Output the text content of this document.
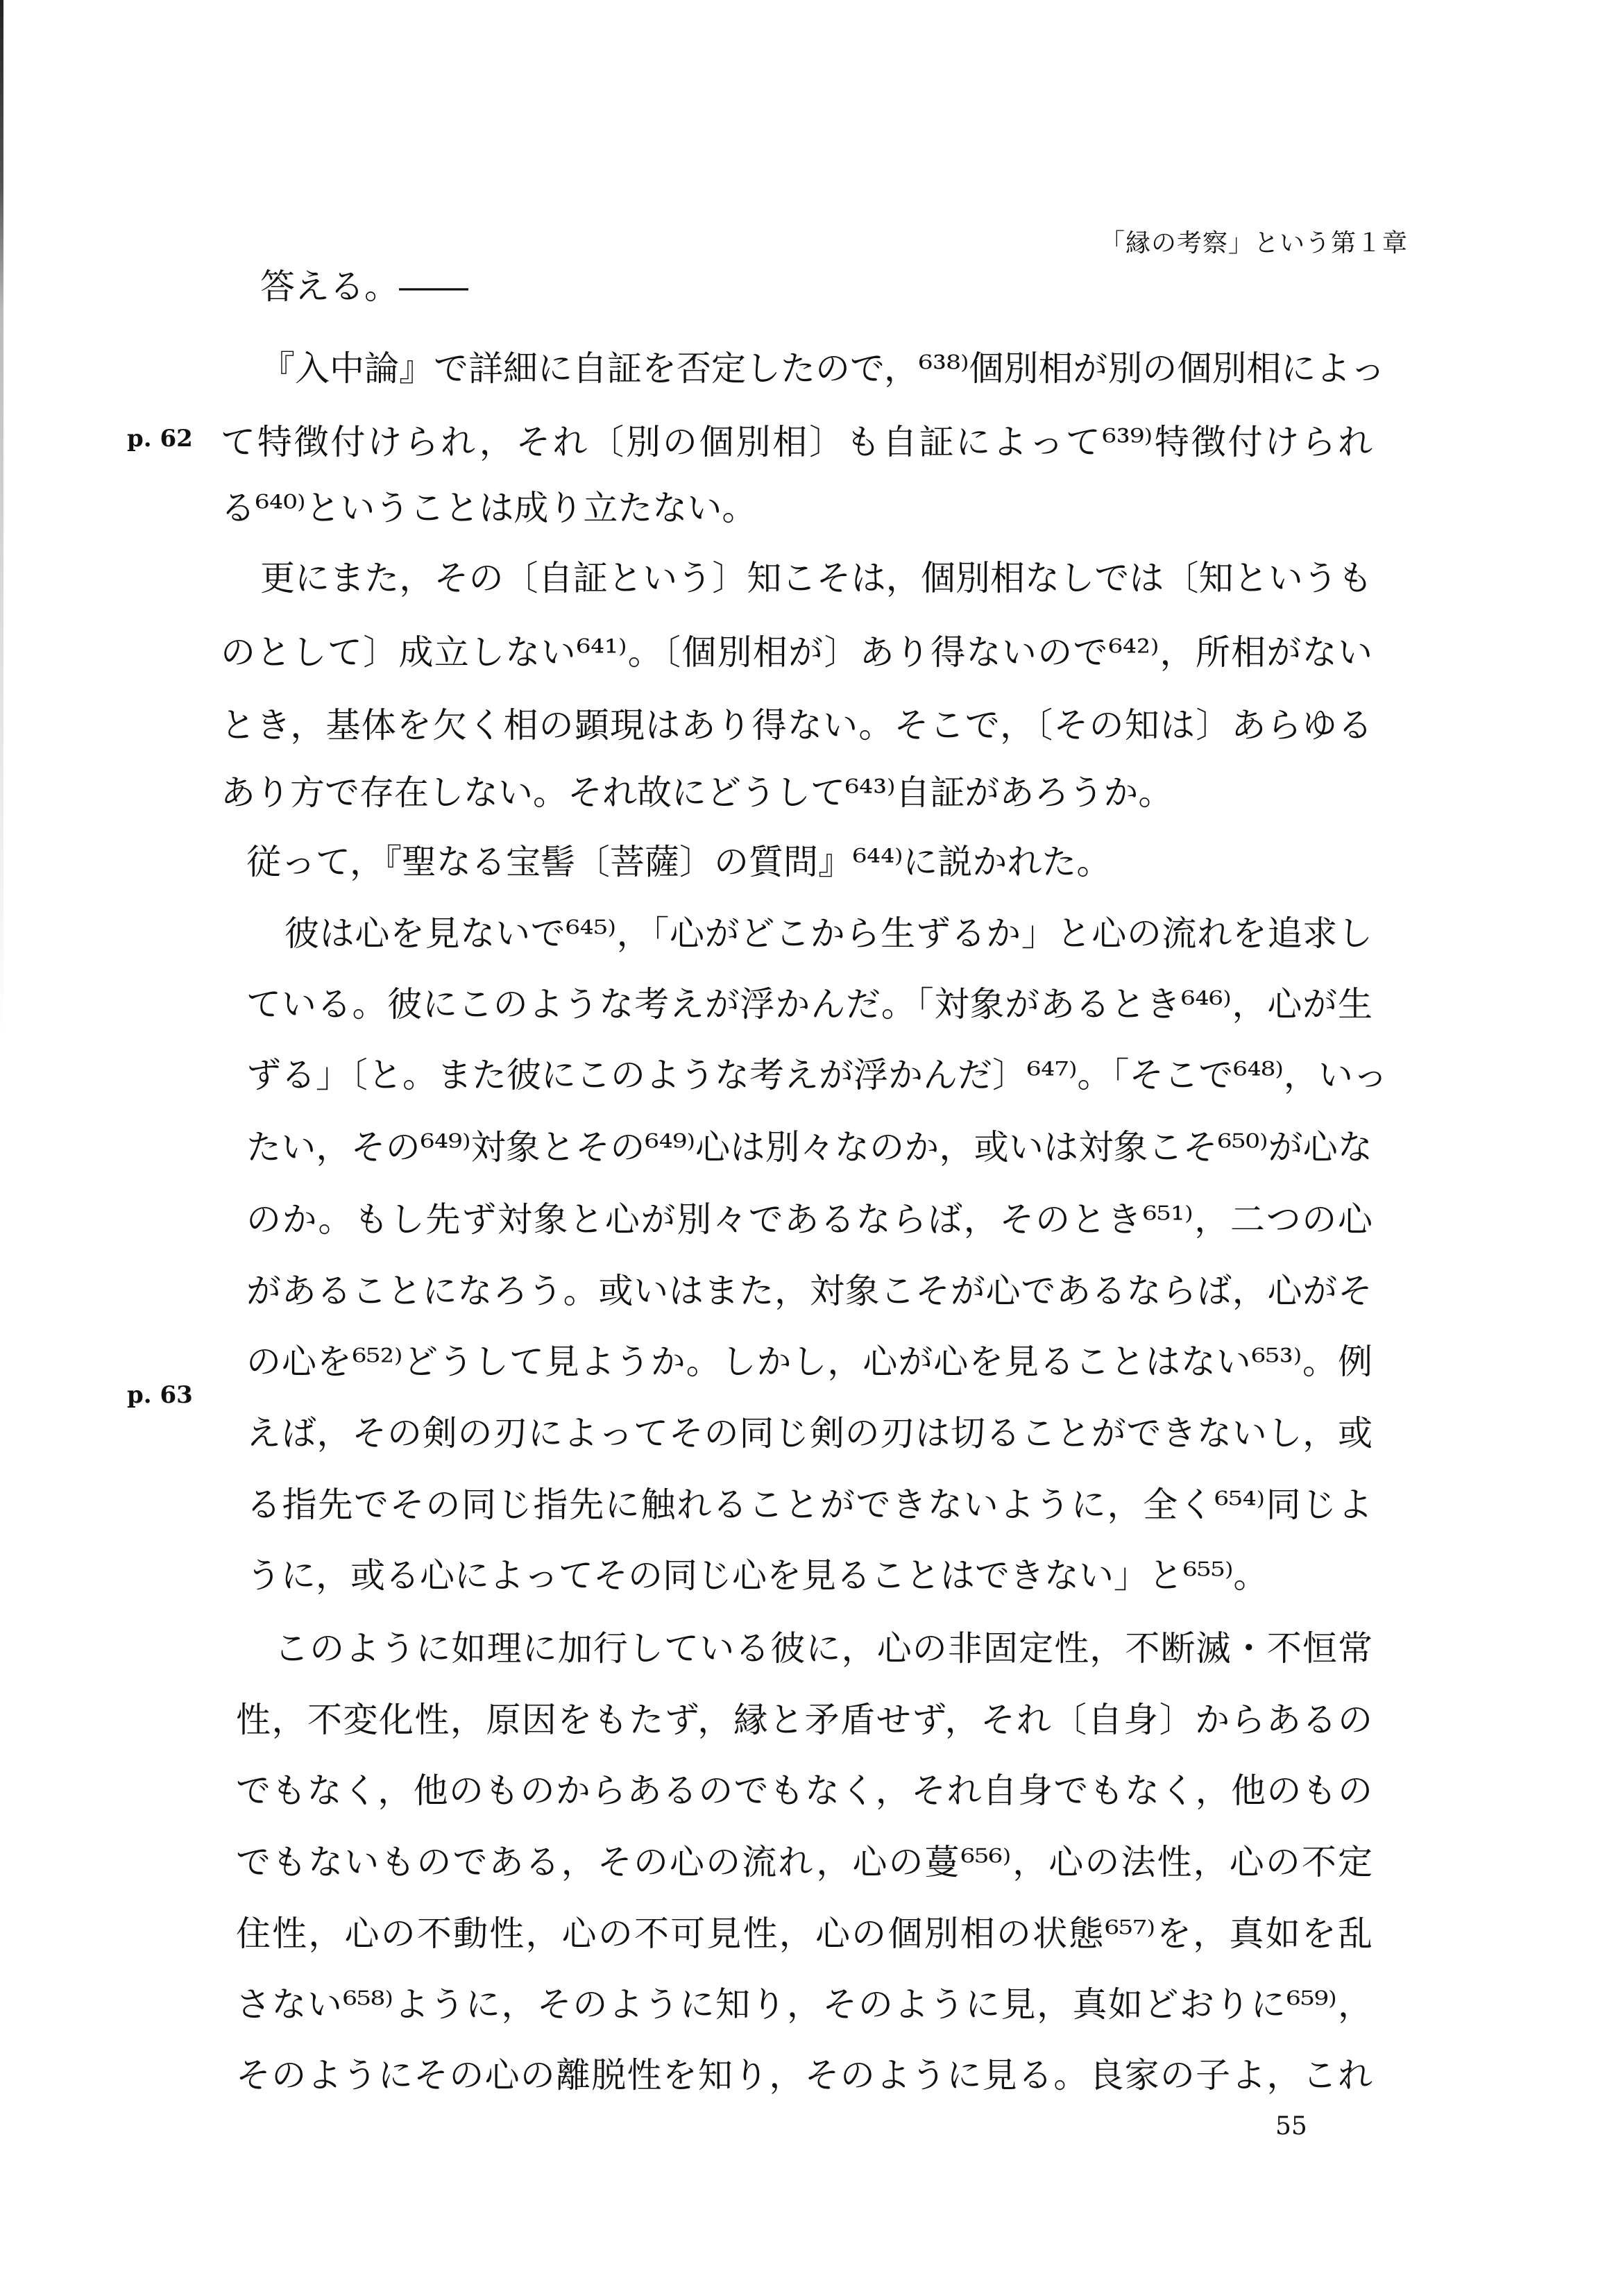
「縁の考察」という第１章
p. 62
p. 63
答える。――
『入中論』で詳細に自証を否定したので，⁶³⁸⁾個別相が別の個別相によっ
て特徴付けられ，それ〔別の個別相〕も自証によって⁶³⁹⁾特徴付けられ
る⁶⁴⁰⁾ということは成り立たない。
更にまた，その〔自証という〕知こそは，個別相なしでは〔知というも
のとして〕成立しない⁶⁴¹⁾。〔個別相が〕あり得ないので⁶⁴²⁾，所相がない
とき，基体を欠く相の顕現はあり得ない。そこで，〔その知は〕あらゆる
あり方で存在しない。それ故にどうして⁶⁴³⁾自証があろうか。
従って，『聖なる宝髻〔菩薩〕の質問』⁶⁴⁴⁾に説かれた。
彼は心を見ないで⁶⁴⁵⁾，「心がどこから生ずるか」と心の流れを追求し
ている。彼にこのような考えが浮かんだ。「対象があるとき⁶⁴⁶⁾，心が生
ずる」〔と。また彼にこのような考えが浮かんだ〕⁶⁴⁷⁾。「そこで⁶⁴⁸⁾，いっ
たい，その⁶⁴⁹⁾対象とその⁶⁴⁹⁾心は別々なのか，或いは対象こそ⁶⁵⁰⁾が心な
のか。もし先ず対象と心が別々であるならば，そのとき⁶⁵¹⁾，二つの心
があることになろう。或いはまた，対象こそが心であるならば，心がそ
の心を⁶⁵²⁾どうして見ようか。しかし，心が心を見ることはない⁶⁵³⁾。例
えば，その剣の刃によってその同じ剣の刃は切ることができないし，或
る指先でその同じ指先に触れることができないように，全く⁶⁵⁴⁾同じよ
うに，或る心によってその同じ心を見ることはできない」と⁶⁵⁵⁾。
このように如理に加行している彼に，心の非固定性，不断滅・不恒常
性，不変化性，原因をもたず，縁と矛盾せず，それ〔自身〕からあるの
でもなく，他のものからあるのでもなく，それ自身でもなく，他のもの
でもないものである，その心の流れ，心の蔓⁶⁵⁶⁾，心の法性，心の不定
住性，心の不動性，心の不可見性，心の個別相の状態⁶⁵⁷⁾を，真如を乱
さない⁶⁵⁸⁾ように，そのように知り，そのように見，真如どおりに⁶⁵⁹⁾，
そのようにその心の離脱性を知り，そのように見る。良家の子よ，これ
55
